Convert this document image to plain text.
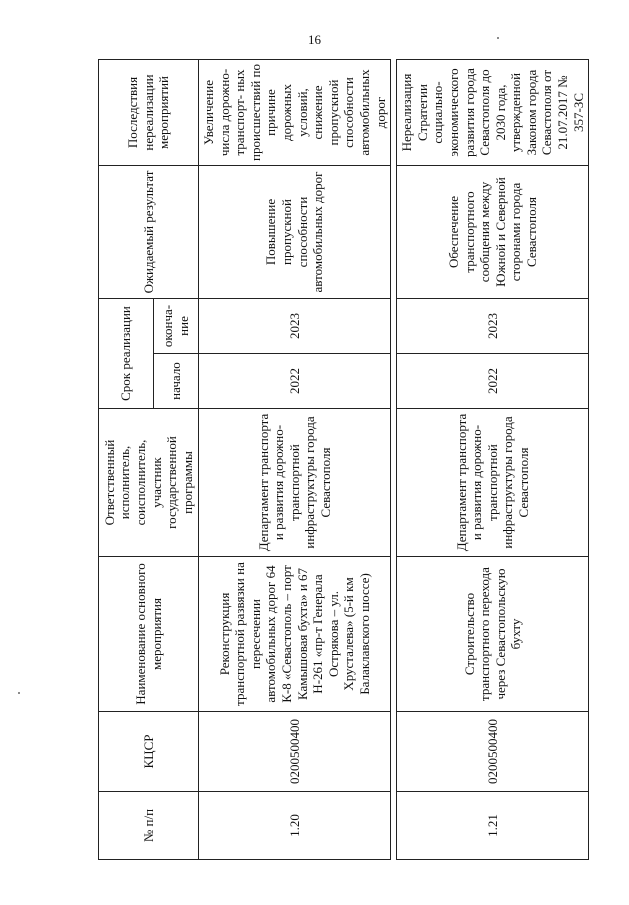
16
№ п/п	КЦСР	Наименование основного мероприятия	Ответственный исполнитель, соисполнитель, участник государственной программы	Срок реализации		Ожидаемый результат	Последствия нереализации мероприятий
				начало	оконча- ние		
1.20	0200500400	Реконструкция транспортной развязки на пересечении автомобильных дорог 64 К-8 «Севастополь – порт Камышовая бухта» и 67 Н-261 «пр-т Генерала Острякова – ул. Хрусталева» (5-й км Балаклавского шоссе)	Департамент транспорта и развития дорожно-транспортной инфраструктуры города Севастополя	2022	2023	Повышение пропускной способности автомобильных дорог	Увеличение числа дорожно-транспорт- ных происшествий по причине дорожных условий, снижение пропускной способности автомобильных дорог

1.21	0200500400	Строительство транспортного перехода через Севастопольскую бухту	Департамент транспорта и развития дорожно-транспортной инфраструктуры города Севастополя	2022	2023	Обеспечение транспортного сообщения между Южной и Северной сторонами города Севастополя	Нереализация Стратегии социально-экономического развития города Севастополя до 2030 года, утвержденной Законом города Севастополя от 21.07.2017 № 357-ЗС
